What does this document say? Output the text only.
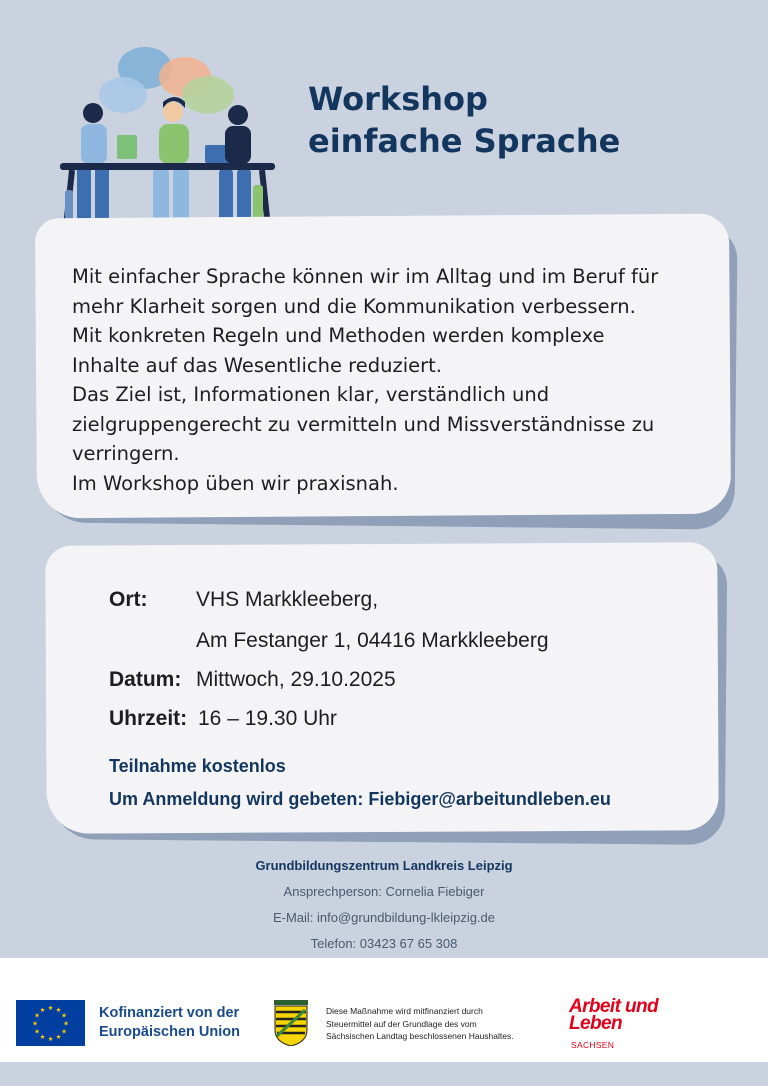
Workshop
einfache Sprache

Mit einfacher Sprache können wir im Alltag und im Beruf für

mehr Klarheit sorgen und die Kommunikation verbessern.

Mit konkreten Regeln und Methoden werden komplexe

Inhalte auf das Wesentliche reduziert.

Das Ziel ist, Informationen klar, verständlich und

zielgruppengerecht zu vermitteln und Missverständnisse zu

verringern.

Im Workshop üben wir praxisnah.

Ort: VHS Markkleeberg,
Am Festanger 1, 04416 Markkleeberg
Datum: Mittwoch, 29.10.2025
Uhrzeit: 16 – 19.30 Uhr
Teilnahme kostenlos
Um Anmeldung wird gebeten: Fiebiger@arbeitundleben.eu
Grundbildungszentrum Landkreis Leipzig
Ansprechperson: Cornelia Fiebiger
E-Mail: info@grundbildung-lkleipzig.de
Telefon: 03423 67 65 308
★ ★
★
★
★
★
★
★
★
★
★
★	Kofinanziert von der
Europäischen Union
Diese Maßnahme wird mitfinanziert durch
Steuermittel auf der Grundlage des vom
Sächsischen Landtag beschlossenen Haushaltes.
Arbeit und
Leben
SACHSEN
